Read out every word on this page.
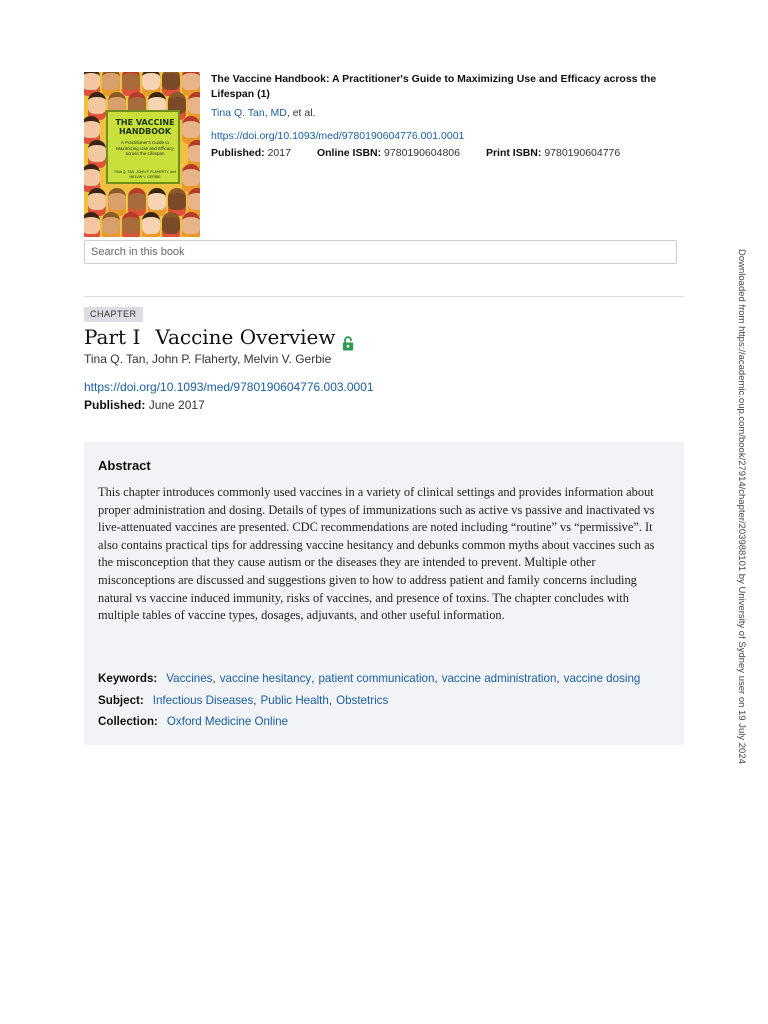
THE VACCINE HANDBOOK
A Practitioner's Guide to Maximizing Use and Efficacy across the Lifespan
TINA Q. TAN, JOHN P. FLAHERTY, and MELVIN V. GERBIE
The Vaccine Handbook: A Practitioner's Guide to Maximizing Use and Efficacy across the Lifespan (1)
Tina Q. Tan, MD, et al.
https://doi.org/10.1093/med/9780190604776.001.0001
Published: 2017 Online ISBN: 9780190604806 Print ISBN: 9780190604776
Search in this book
CHAPTER
Part I Vaccine Overview
Tina Q. Tan, John P. Flaherty, Melvin V. Gerbie
https://doi.org/10.1093/med/9780190604776.003.0001
Published: June 2017
Abstract
This chapter introduces commonly used vaccines in a variety of clinical settings and provides information about proper administration and dosing. Details of types of immunizations such as active vs passive and inactivated vs live-attenuated vaccines are presented. CDC recommendations are noted including “routine” vs “permissive”. It also contains practical tips for addressing vaccine hesitancy and debunks common myths about vaccines such as the misconception that they cause autism or the diseases they are intended to prevent. Multiple other misconceptions are discussed and suggestions given to how to address patient and family concerns including natural vs vaccine induced immunity, risks of vaccines, and presence of toxins. The chapter concludes with multiple tables of vaccine types, dosages, adjuvants, and other useful information.
Keywords: Vaccines , vaccine hesitancy , patient communication , vaccine administration , vaccine dosing
Subject: Infectious Diseases , Public Health , Obstetrics
Collection: Oxford Medicine Online	Downloaded from https://academic.oup.com/book/27914/chapter/203988101 by University of Sydney user on 19 July 2024
